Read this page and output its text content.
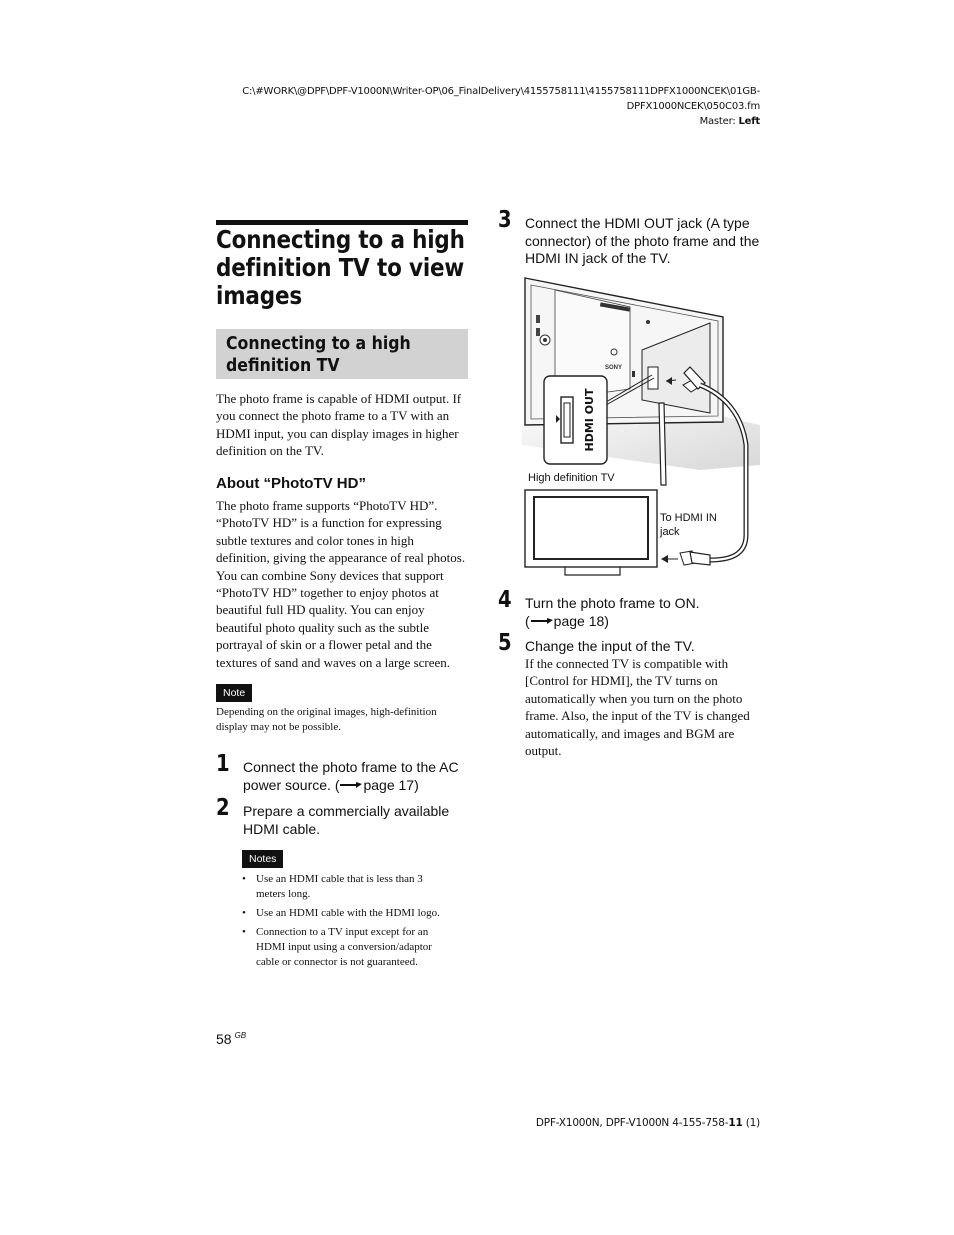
C:\#WORK\@DPF\DPF-V1000N\Writer-OP\06_FinalDelivery\4155758111\4155758111DPFX1000NCEK\01GB-
DPFX1000NCEK\050C03.fm
Master: Left
Connecting to a high definition TV to view images
Connecting to a high definition TV
The photo frame is capable of HDMI output. If you connect the photo frame to a TV with an HDMI input, you can display images in higher definition on the TV.
About “PhotoTV HD”
The photo frame supports “PhotoTV HD”. “PhotoTV HD” is a function for expressing subtle textures and color tones in high definition, giving the appearance of real photos. You can combine Sony devices that support “PhotoTV HD” together to enjoy photos at beautiful full HD quality. You can enjoy beautiful photo quality such as the subtle portrayal of skin or a flower petal and the textures of sand and waves on a large screen.
Note
Depending on the original images, high-definition display may not be possible.
1 Connect the photo frame to the AC power source. ( page 17)
2 Prepare a commercially available HDMI cable.
Notes
• Use an HDMI cable that is less than 3 meters long.
• Use an HDMI cable with the HDMI logo.
• Connection to a TV input except for an HDMI input using a conversion/adaptor cable or connector is not guaranteed.
3 Connect the HDMI OUT jack (A type connector) of the photo frame and the HDMI IN jack of the TV.
SONY
HDMI OUT
High definition TV
To HDMI IN
jack
4 Turn the photo frame to ON.
( page 18)
5 Change the input of the TV.
If the connected TV is compatible with [Control for HDMI], the TV turns on automatically when you turn on the photo frame. Also, the input of the TV is changed automatically, and images and BGM are output.
58 $^{GB}$
DPF-X1000N, DPF-V1000N 4-155-758-11 (1)
